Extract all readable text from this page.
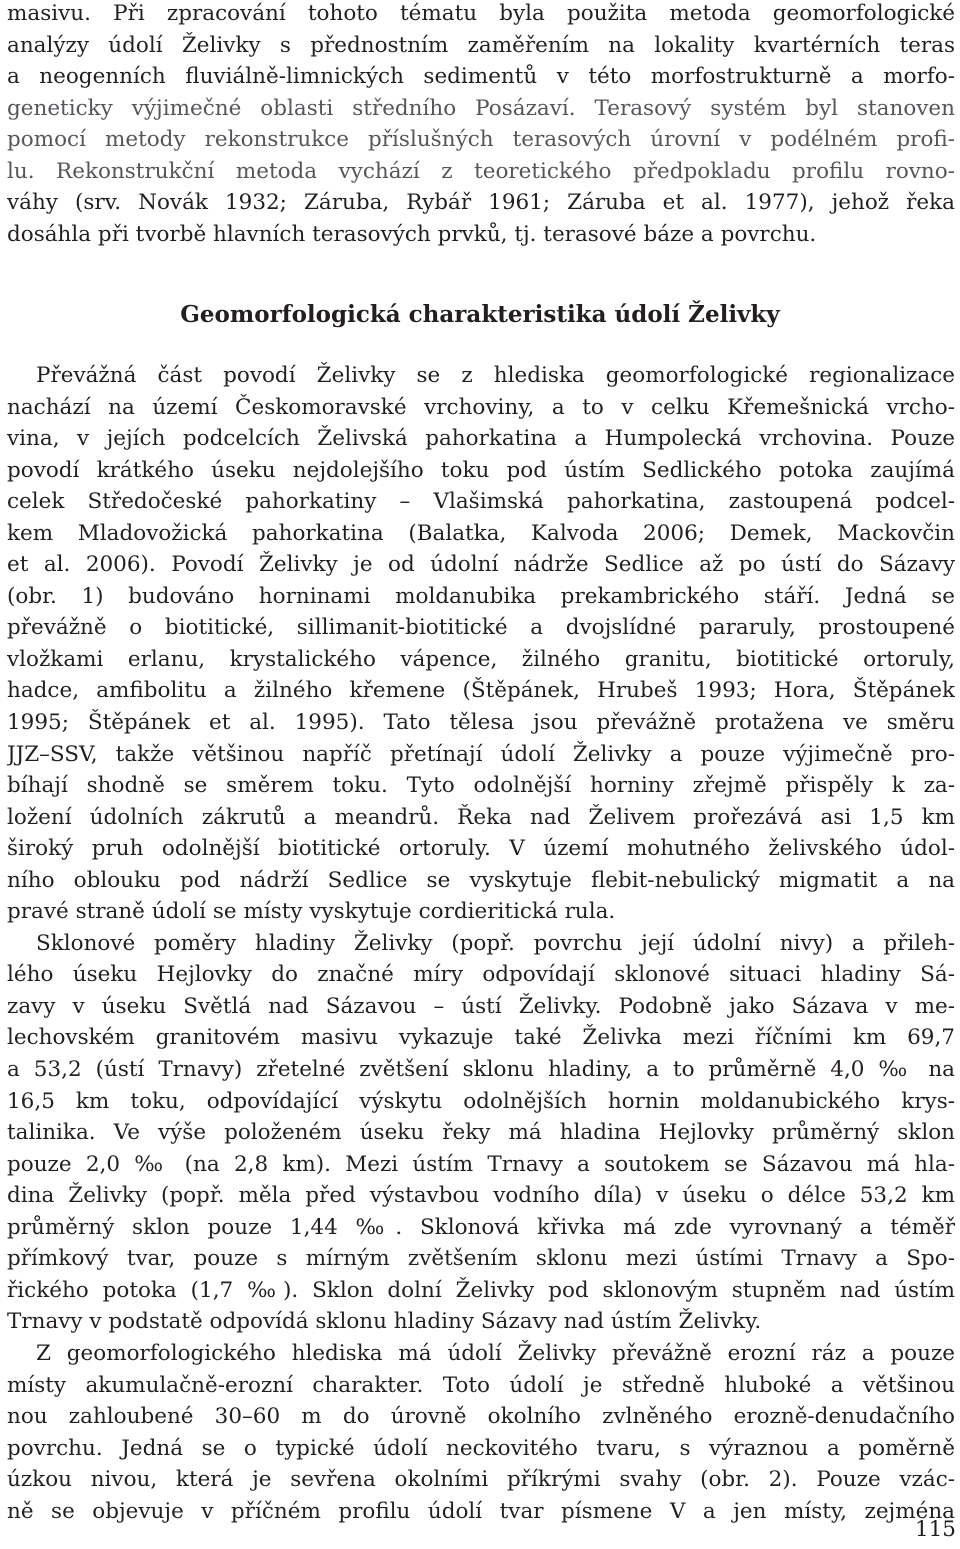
masivu. Při zpracování tohoto tématu byla použita metoda geomorfologické
analýzy údolí Želivky s přednostním zaměřením na lokality kvartérních teras
a neogenních fluviálně-limnických sedimentů v této morfostrukturně a morfo-
geneticky výjimečné oblasti středního Posázaví. Terasový systém byl stanoven
pomocí metody rekonstrukce příslušných terasových úrovní v podélném profi-
lu. Rekonstrukční metoda vychází z teoretického předpokladu profilu rovno-
váhy (srv. Novák 1932; Záruba, Rybář 1961; Záruba et al. 1977), jehož řeka
dosáhla při tvorbě hlavních terasových prvků, tj. terasové báze a povrchu.
Převážná část povodí Želivky se z hlediska geomorfologické regionalizace
nachází na území Českomoravské vrchoviny, a to v celku Křemešnická vrcho-
vina, v jejích podcelcích Želivská pahorkatina a Humpolecká vrchovina. Pouze
povodí krátkého úseku nejdolejšího toku pod ústím Sedlického potoka zaujímá
celek Středočeské pahorkatiny – Vlašimská pahorkatina, zastoupená podcel-
kem Mladovožická pahorkatina (Balatka, Kalvoda 2006; Demek, Mackovčin
et al. 2006). Povodí Želivky je od údolní nádrže Sedlice až po ústí do Sázavy
(obr. 1) budováno horninami moldanubika prekambrického stáří. Jedná se
převážně o biotitické, sillimanit-biotitické a dvojslídné pararuly, prostoupené
vložkami erlanu, krystalického vápence, žilného granitu, biotitické ortoruly,
hadce, amfibolitu a žilného křemene (Štěpánek, Hrubeš 1993; Hora, Štěpánek
1995; Štěpánek et al. 1995). Tato tělesa jsou převážně protažena ve směru
JJZ–SSV, takže většinou napříč přetínají údolí Želivky a pouze výjimečně pro-
bíhají shodně se směrem toku. Tyto odolnější horniny zřejmě přispěly k za-
ložení údolních zákrutů a meandrů. Řeka nad Želivem prořezává asi 1,5 km
široký pruh odolnější biotitické ortoruly. V území mohutného želivského údol-
ního oblouku pod nádrží Sedlice se vyskytuje flebit-nebulický migmatit a na
pravé straně údolí se místy vyskytuje cordieritická rula.
Sklonové poměry hladiny Želivky (popř. povrchu její údolní nivy) a přileh-
lého úseku Hejlovky do značné míry odpovídají sklonové situaci hladiny Sá-
zavy v úseku Světlá nad Sázavou – ústí Želivky. Podobně jako Sázava v me-
lechovském granitovém masivu vykazuje také Želivka mezi říčními km 69,7
a 53,2 (ústí Trnavy) zřetelné zvětšení sklonu hladiny, a to průměrně 4,0 ‰ na
16,5 km toku, odpovídající výskytu odolnějších hornin moldanubického krys-
talinika. Ve výše položeném úseku řeky má hladina Hejlovky průměrný sklon
pouze 2,0 ‰ (na 2,8 km). Mezi ústím Trnavy a soutokem se Sázavou má hla-
dina Želivky (popř. měla před výstavbou vodního díla) v úseku o délce 53,2 km
průměrný sklon pouze 1,44 ‰. Sklonová křivka má zde vyrovnaný a téměř
přímkový tvar, pouze s mírným zvětšením sklonu mezi ústími Trnavy a Spo-
řického potoka (1,7 ‰). Sklon dolní Želivky pod sklonovým stupněm nad ústím
Trnavy v podstatě odpovídá sklonu hladiny Sázavy nad ústím Želivky.
Z geomorfologického hlediska má údolí Želivky převážně erozní ráz a pouze
místy akumulačně-erozní charakter. Toto údolí je středně hluboké a většinou
nou zahloubené 30–60 m do úrovně okolního zvlněného erozně-denudačního
povrchu. Jedná se o typické údolí neckovitého tvaru, s výraznou a poměrně
úzkou nivou, která je sevřena okolními příkrými svahy (obr. 2). Pouze vzác-
ně se objevuje v příčném profilu údolí tvar písmene V a jen místy, zejména
Geomorfologická charakteristika údolí Želivky
115
